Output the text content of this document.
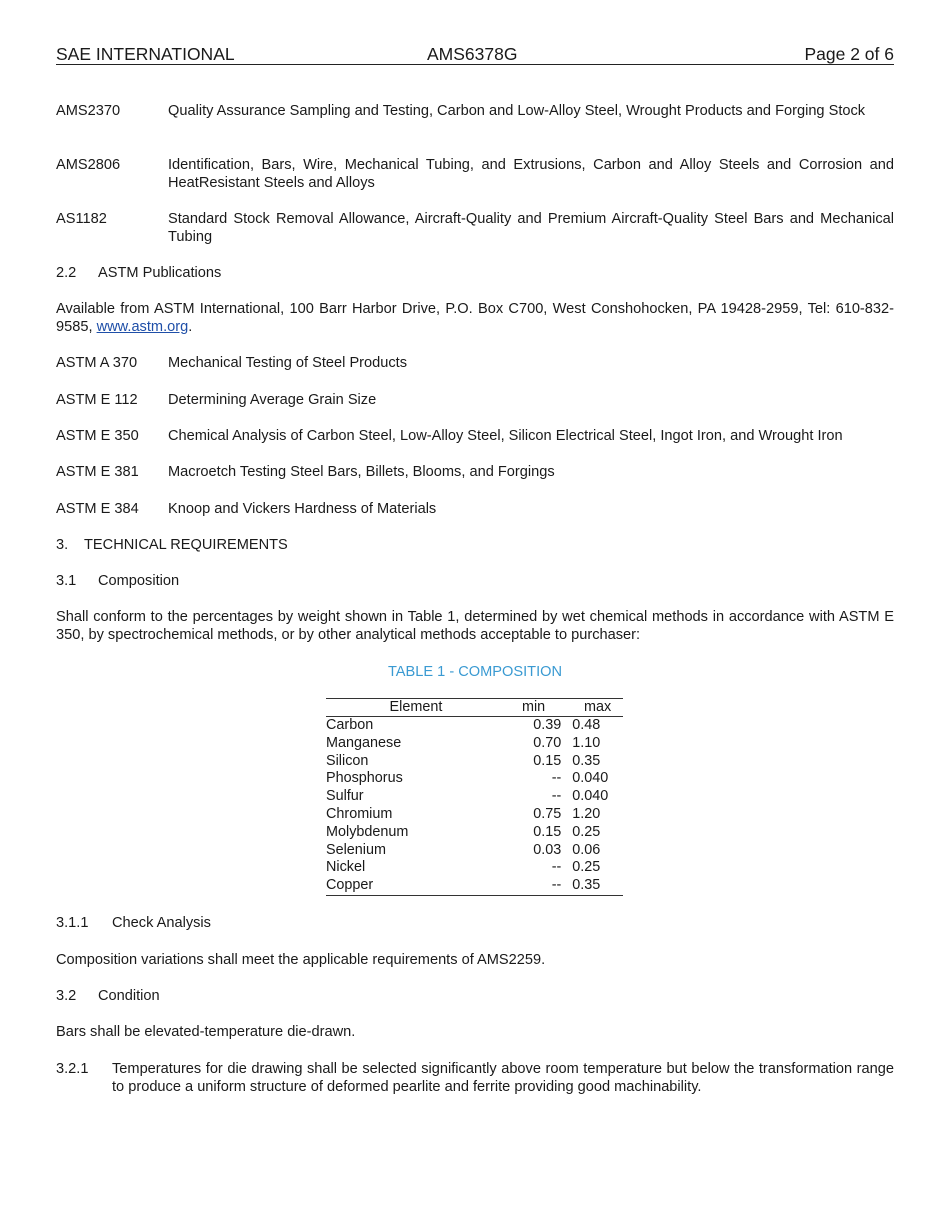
SAE INTERNATIONAL	AMS6378G	Page 2 of 6
AMS2370	Quality Assurance Sampling and Testing, Carbon and Low-Alloy Steel, Wrought Products and Forging Stock
AMS2806	Identification, Bars, Wire, Mechanical Tubing, and Extrusions, Carbon and Alloy Steels and Corrosion and HeatResistant Steels and Alloys
AS1182	Standard Stock Removal Allowance, Aircraft-Quality and Premium Aircraft-Quality Steel Bars and Mechanical Tubing
2.2 ASTM Publications
Available from ASTM International, 100 Barr Harbor Drive, P.O. Box C700, West Conshohocken, PA 19428-2959, Tel: 610-832-9585, www.astm.org.
ASTM A 370 Mechanical Testing of Steel Products
ASTM E 112 Determining Average Grain Size
ASTM E 350 Chemical Analysis of Carbon Steel, Low-Alloy Steel, Silicon Electrical Steel, Ingot Iron, and Wrought Iron
ASTM E 381 Macroetch Testing Steel Bars, Billets, Blooms, and Forgings
ASTM E 384 Knoop and Vickers Hardness of Materials
3. TECHNICAL REQUIREMENTS
3.1 Composition
Shall conform to the percentages by weight shown in Table 1, determined by wet chemical methods in accordance with ASTM E 350, by spectrochemical methods, or by other analytical methods acceptable to purchaser:
TABLE 1 - COMPOSITION
Element	min	max
Carbon	0.39	0.48
Manganese	0.70	1.10
Silicon	0.15	0.35
Phosphorus	--	0.040
Sulfur	--	0.040
Chromium	0.75	1.20
Molybdenum	0.15	0.25
Selenium	0.03	0.06
Nickel	--	0.25
Copper	--	0.35
3.1.1 Check Analysis
Composition variations shall meet the applicable requirements of AMS2259.
3.2 Condition
Bars shall be elevated-temperature die-drawn.
3.2.1 Temperatures for die drawing shall be selected significantly above room temperature but below the transformation range to produce a uniform structure of deformed pearlite and ferrite providing good machinability.
